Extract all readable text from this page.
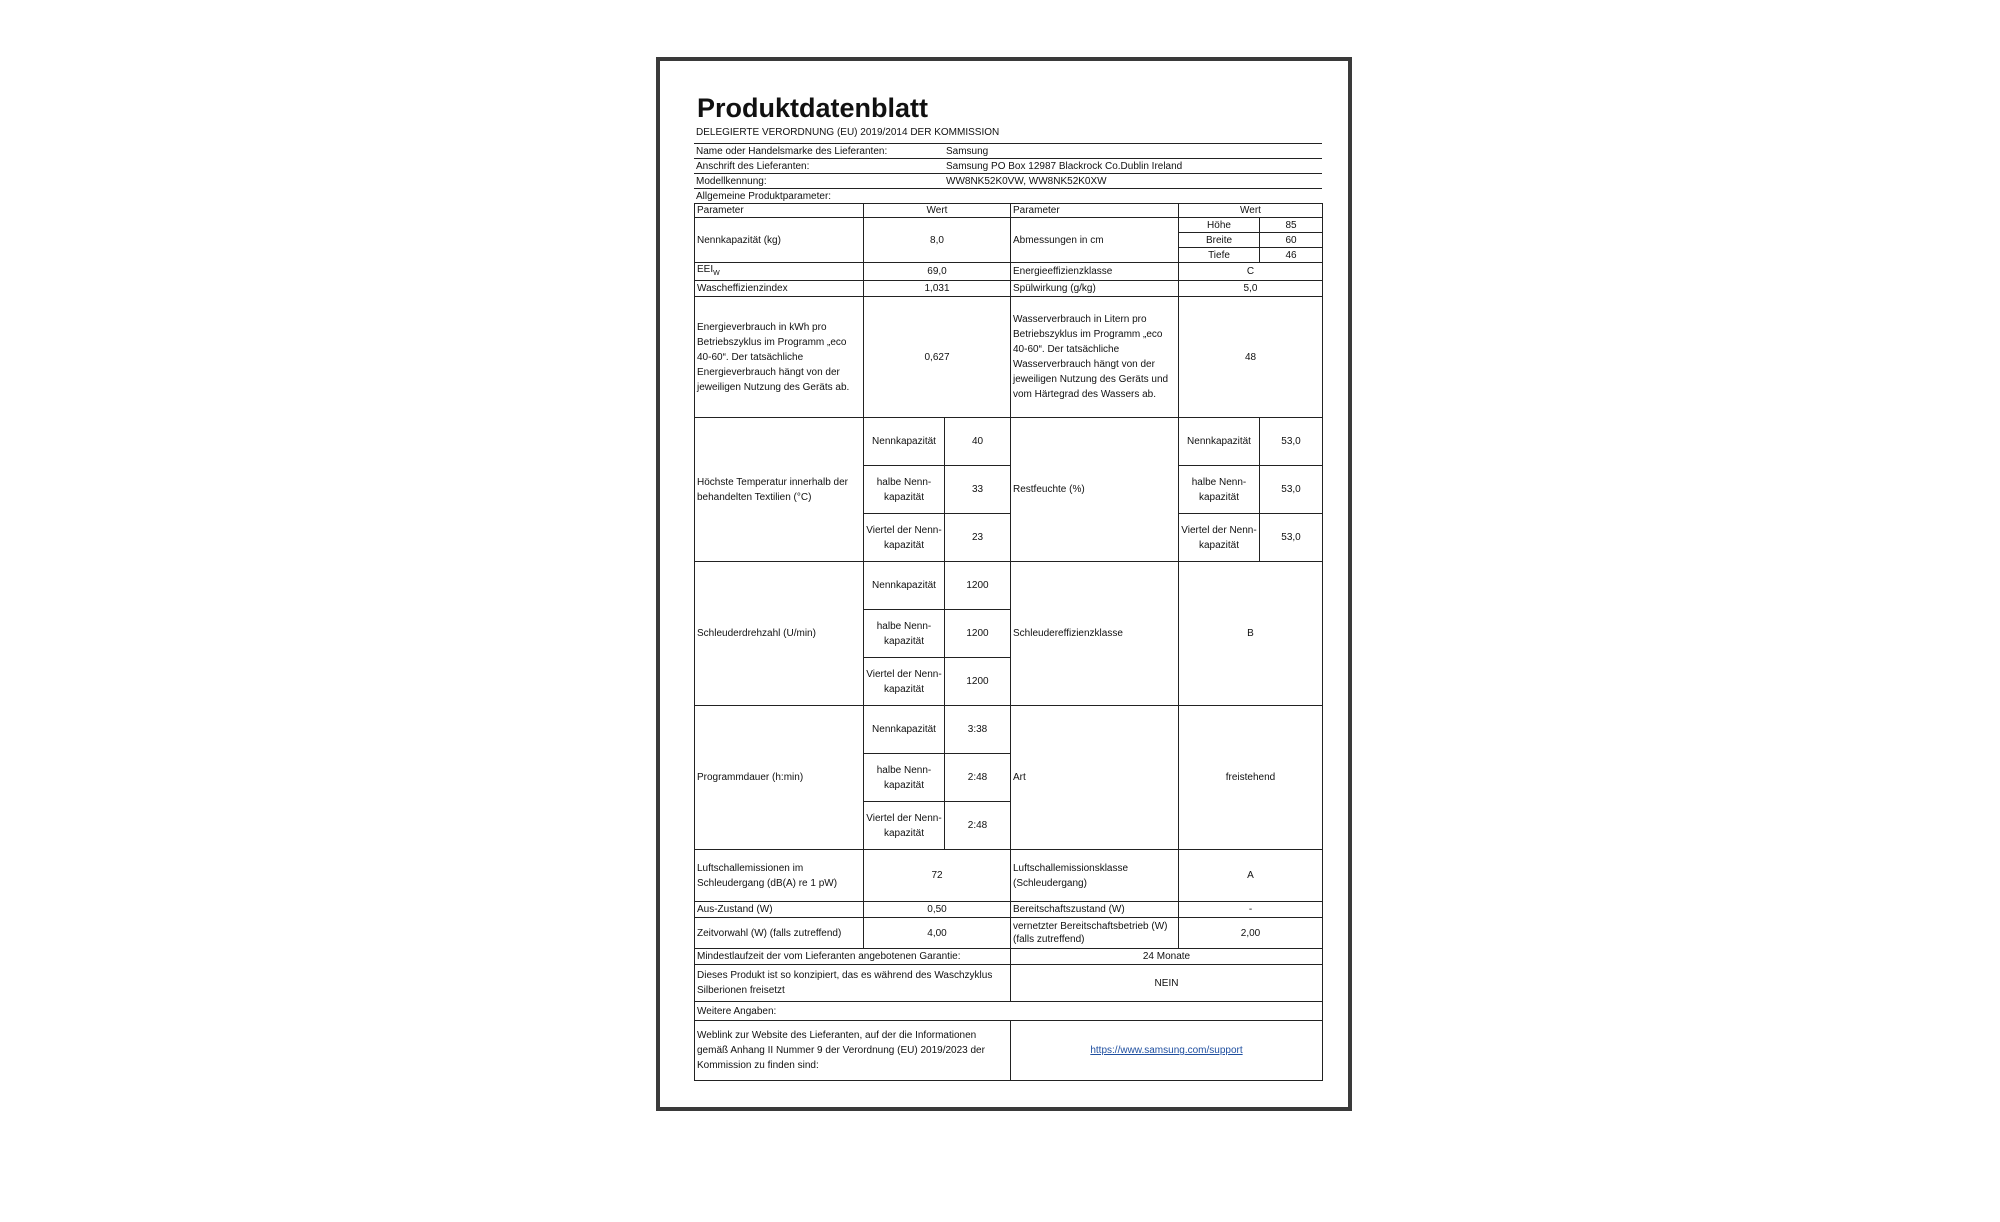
Produktdatenblatt
DELEGIERTE VERORDNUNG (EU) 2019/2014 DER KOMMISSION
Name oder Handelsmarke des Lieferanten:	Samsung
Anschrift des Lieferanten:	Samsung PO Box 12987 Blackrock Co.Dublin Ireland
Modellkennung:	WW8NK52K0VW, WW8NK52K0XW
Allgemeine Produktparameter:	
Parameter	Wert		Parameter	Wert	
Nennkapazität (kg)	8,0		Abmessungen in cm	Höhe	85
				Breite	60
				Tiefe	46
$EEI_W$	69,0		Energieeffizienzklasse	C	
Wascheffizienzindex	1,031		Spülwirkung (g/kg)	5,0	
Energieverbrauch in kWh pro Betriebszyklus im Programm „eco 40-60“. Der tatsächliche Energieverbrauch hängt von der jeweiligen Nutzung des Geräts ab.	0,627		Wasserverbrauch in Litern pro Betriebszyklus im Programm „eco 40-60“. Der tatsächliche Wasserverbrauch hängt von der jeweiligen Nutzung des Geräts und vom Härtegrad des Wassers ab.	48	
Höchste Temperatur innerhalb der behandelten Textilien (°C)	Nennkapazität	40	Restfeuchte (%)	Nennkapazität	53,0
	halbe Nenn-kapazität	33		halbe Nenn-kapazität	53,0
	Viertel der Nenn-kapazität	23		Viertel der Nenn-kapazität	53,0
Schleuderdrehzahl (U/min)	Nennkapazität	1200	Schleudereffizienzklasse	B	
	halbe Nenn-kapazität	1200			
	Viertel der Nenn-kapazität	1200			
Programmdauer (h:min)	Nennkapazität	3:38	Art	freistehend	
	halbe Nenn-kapazität	2:48			
	Viertel der Nenn-kapazität	2:48			
Luftschallemissionen im Schleudergang (dB(A) re 1 pW)	72		Luftschallemissionsklasse (Schleudergang)	A	
Aus-Zustand (W)	0,50		Bereitschaftszustand (W)	-	
Zeitvorwahl (W) (falls zutreffend)	4,00		vernetzter Bereitschaftsbetrieb (W) (falls zutreffend)	2,00	
Mindestlaufzeit der vom Lieferanten angebotenen Garantie:			24 Monate		
Dieses Produkt ist so konzipiert, das es während des Waschzyklus Silberionen freisetzt			NEIN		
Weitere Angaben:					
Weblink zur Website des Lieferanten, auf der die Informationen gemäß Anhang II Nummer 9 der Verordnung (EU) 2019/2023 der Kommission zu finden sind:			https://www.samsung.com/support		
